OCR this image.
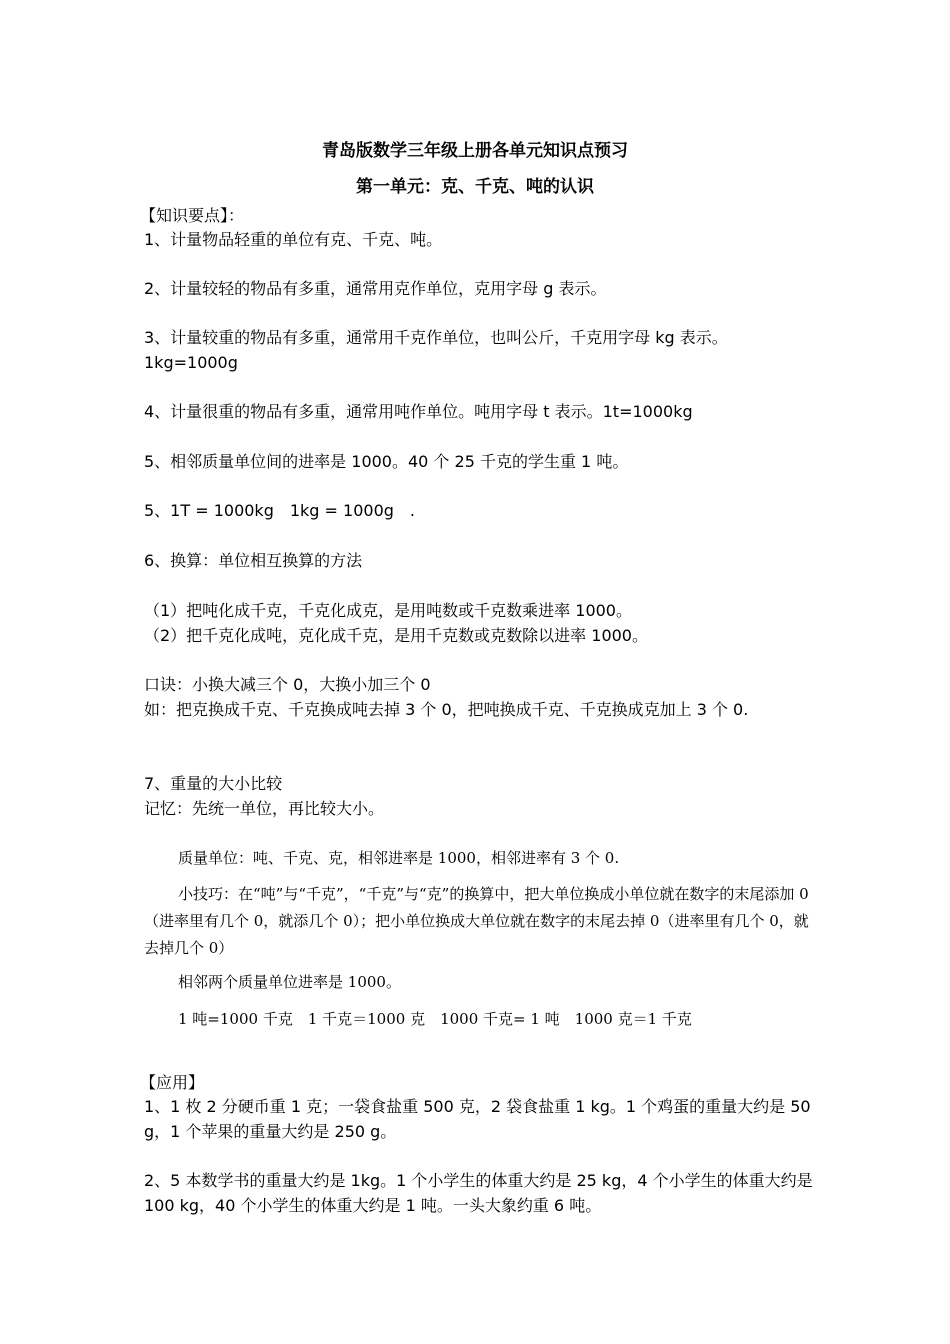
青岛版数学三年级上册各单元知识点预习
第一单元：克、千克、吨的认识
【知识要点】：
1、计量物品轻重的单位有克、千克、吨。
2、计量较轻的物品有多重，通常用克作单位，克用字母 g 表示。
3、计量较重的物品有多重，通常用千克作单位，也叫公斤，千克用字母 kg 表示。
1kg=1000g
4、计量很重的物品有多重，通常用吨作单位。吨用字母 t 表示。1t=1000kg
5、相邻质量单位间的进率是 1000。40 个 25 千克的学生重 1 吨。
5、1T = 1000kg　1kg = 1000g　.
6、换算：单位相互换算的方法
（1）把吨化成千克，千克化成克，是用吨数或千克数乘进率 1000。
（2）把千克化成吨，克化成千克，是用千克数或克数除以进率 1000。
口诀：小换大减三个 0，大换小加三个 0
如：把克换成千克、千克换成吨去掉 3 个 0，把吨换成千克、千克换成克加上 3 个 0.
7、重量的大小比较
记忆：先统一单位，再比较大小。
质量单位：吨、千克、克，相邻进率是 1000，相邻进率有 3 个 0.
小技巧：在“吨”与“千克”，“千克”与“克”的换算中，把大单位换成小单位就在数字的末尾添加 0（进率里有几个 0，就添几个 0）；把小单位换成大单位就在数字的末尾去掉 0（进率里有几个 0，就去掉几个 0）
相邻两个质量单位进率是 1000。
1 吨=1000 千克　1 千克＝1000 克　1000 千克= 1 吨　1000 克＝1 千克
【应用】
1、1 枚 2 分硬币重 1 克；一袋食盐重 500 克，2 袋食盐重 1 kg。1 个鸡蛋的重量大约是 50 g，1 个苹果的重量大约是 250 g。
2、5 本数学书的重量大约是 1kg。1 个小学生的体重大约是 25 kg，4 个小学生的体重大约是 100 kg，40 个小学生的体重大约是 1 吨。一头大象约重 6 吨。
